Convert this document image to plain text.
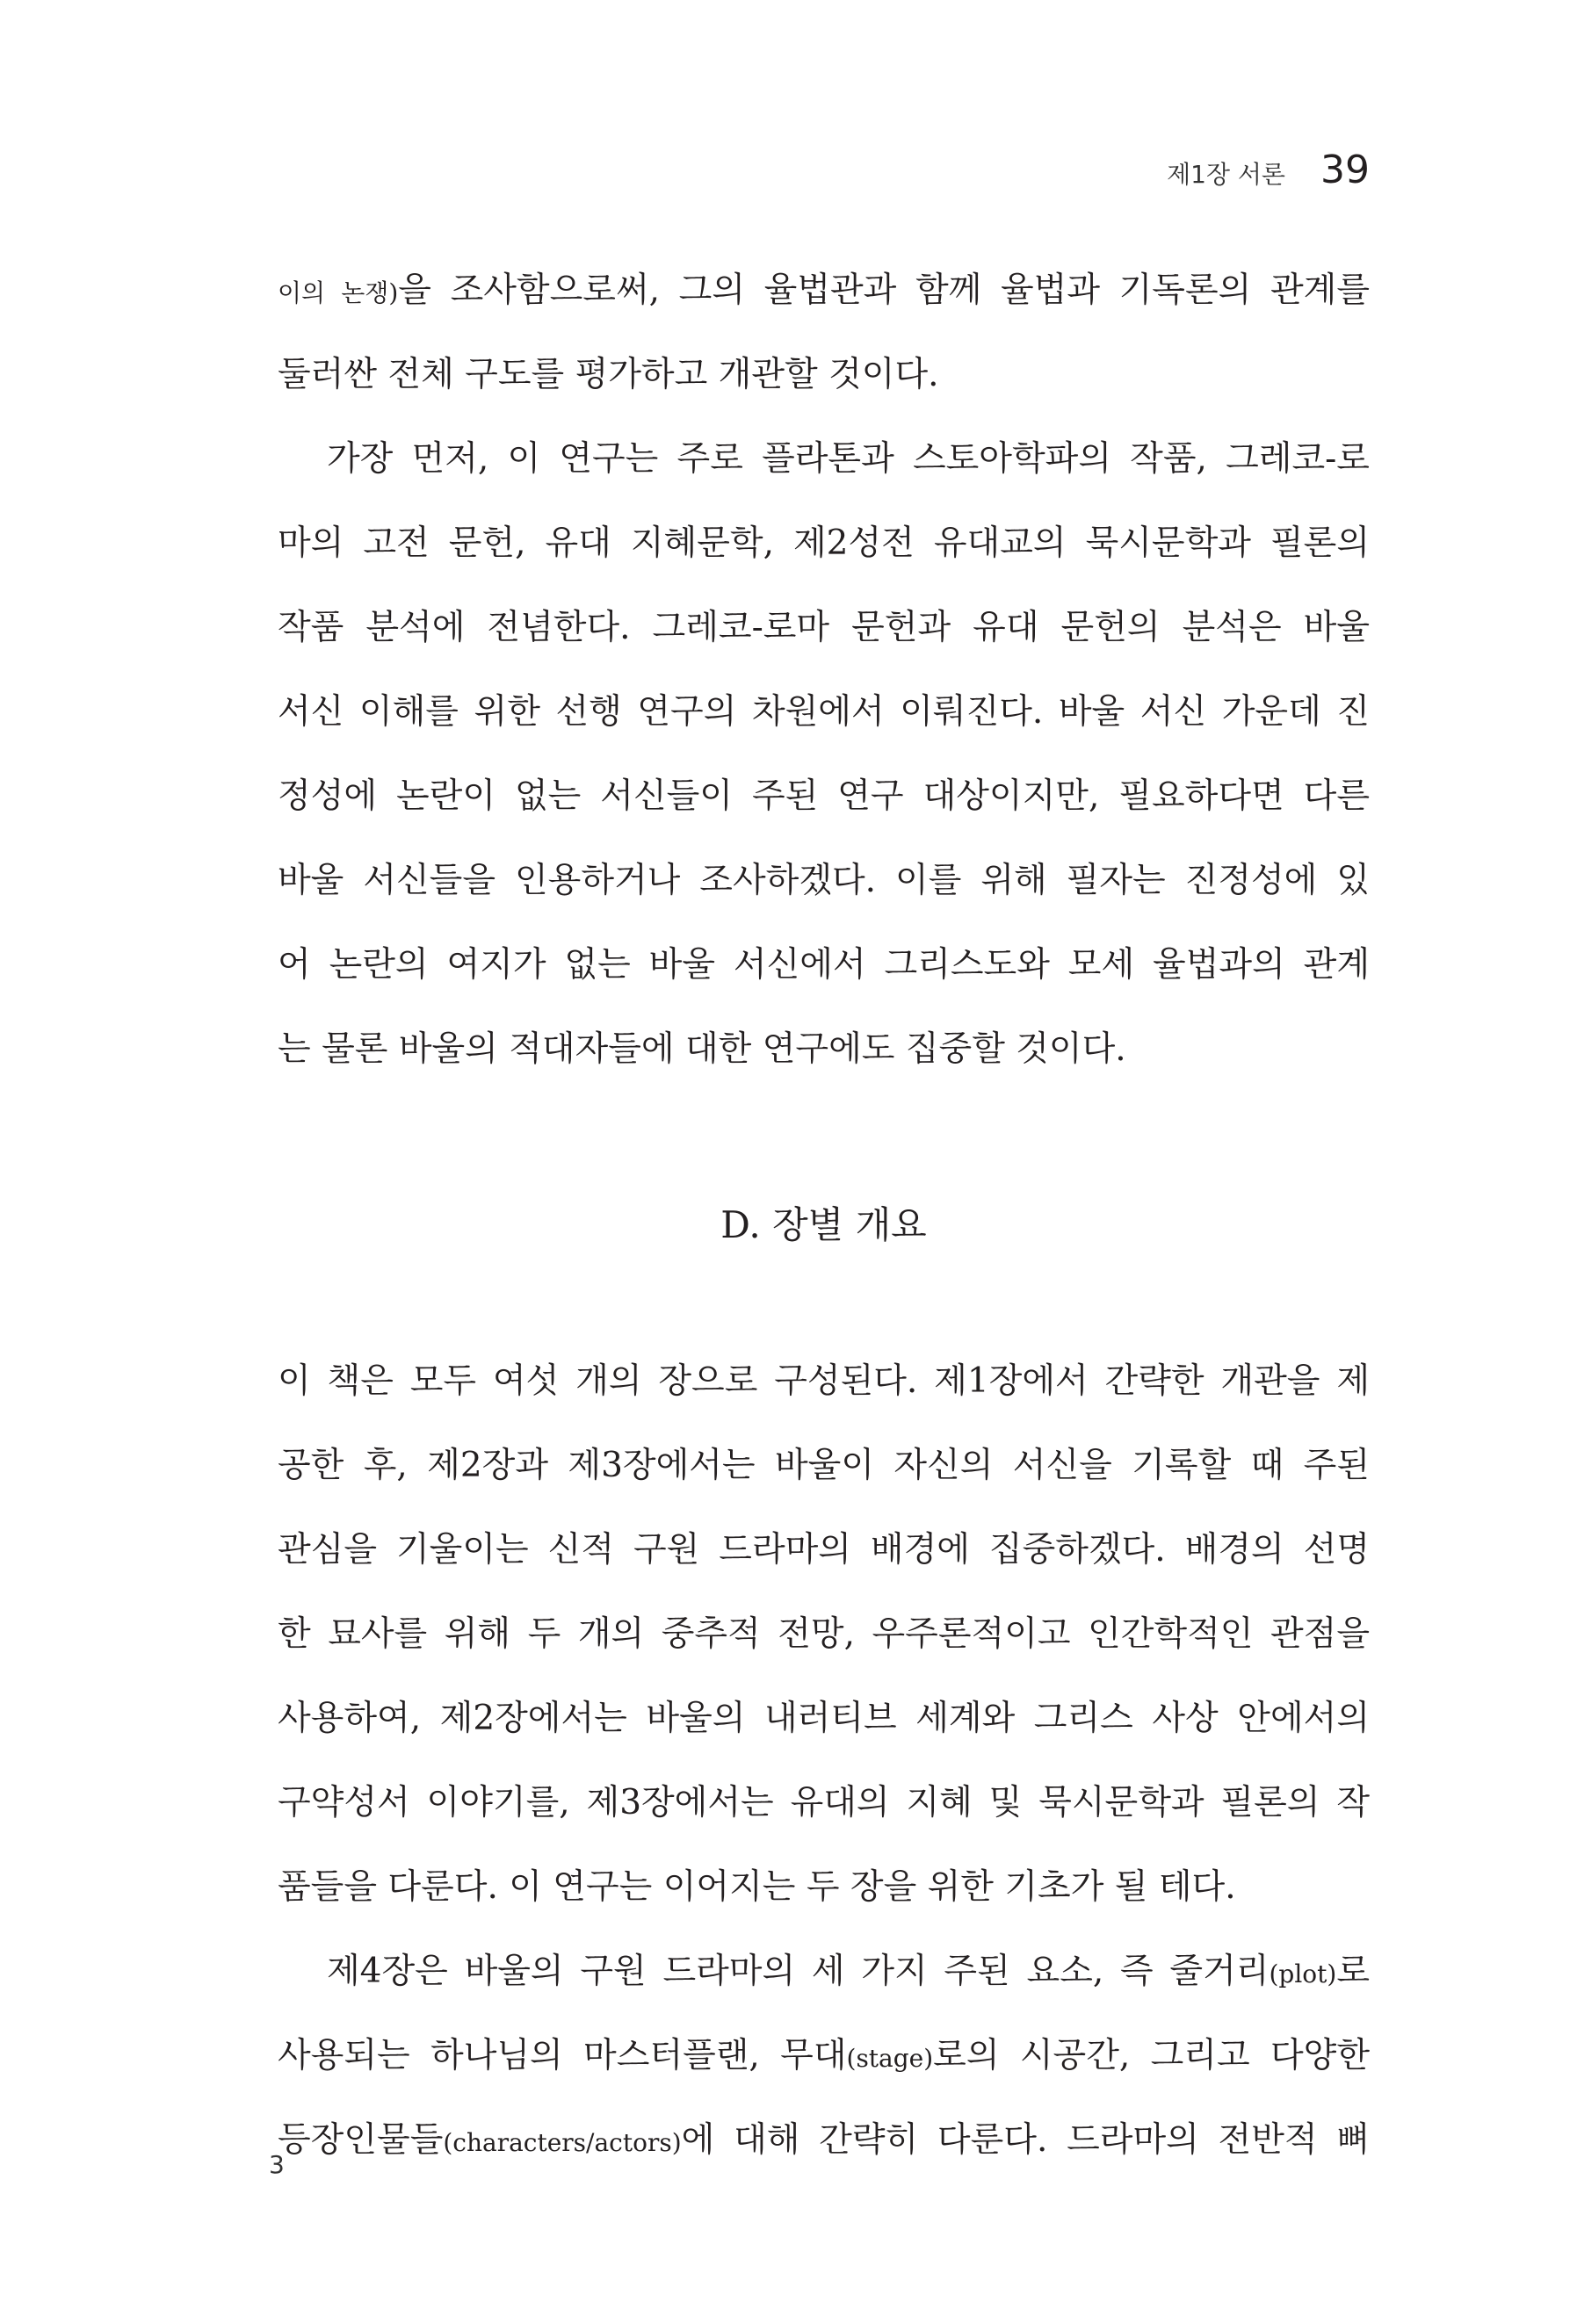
제1장 서론 39
이의 논쟁)을 조사함으로써, 그의 율법관과 함께 율법과 기독론의 관계를
둘러싼 전체 구도를 평가하고 개관할 것이다.
가장 먼저, 이 연구는 주로 플라톤과 스토아학파의 작품, 그레코-로
마의 고전 문헌, 유대 지혜문학, 제2성전 유대교의 묵시문학과 필론의
작품 분석에 전념한다. 그레코-로마 문헌과 유대 문헌의 분석은 바울
서신 이해를 위한 선행 연구의 차원에서 이뤄진다. 바울 서신 가운데 진
정성에 논란이 없는 서신들이 주된 연구 대상이지만, 필요하다면 다른
바울 서신들을 인용하거나 조사하겠다. 이를 위해 필자는 진정성에 있
어 논란의 여지가 없는 바울 서신에서 그리스도와 모세 율법과의 관계
는 물론 바울의 적대자들에 대한 연구에도 집중할 것이다.
D. 장별 개요
이 책은 모두 여섯 개의 장으로 구성된다. 제1장에서 간략한 개관을 제
공한 후, 제2장과 제3장에서는 바울이 자신의 서신을 기록할 때 주된
관심을 기울이는 신적 구원 드라마의 배경에 집중하겠다. 배경의 선명
한 묘사를 위해 두 개의 중추적 전망, 우주론적이고 인간학적인 관점을
사용하여, 제2장에서는 바울의 내러티브 세계와 그리스 사상 안에서의
구약성서 이야기를, 제3장에서는 유대의 지혜 및 묵시문학과 필론의 작
품들을 다룬다. 이 연구는 이어지는 두 장을 위한 기초가 될 테다.
제4장은 바울의 구원 드라마의 세 가지 주된 요소, 즉 줄거리(plot)로
사용되는 하나님의 마스터플랜, 무대(stage)로의 시공간, 그리고 다양한
등장인물들(characters/actors)에 대해 간략히 다룬다. 드라마의 전반적 뼈
3
